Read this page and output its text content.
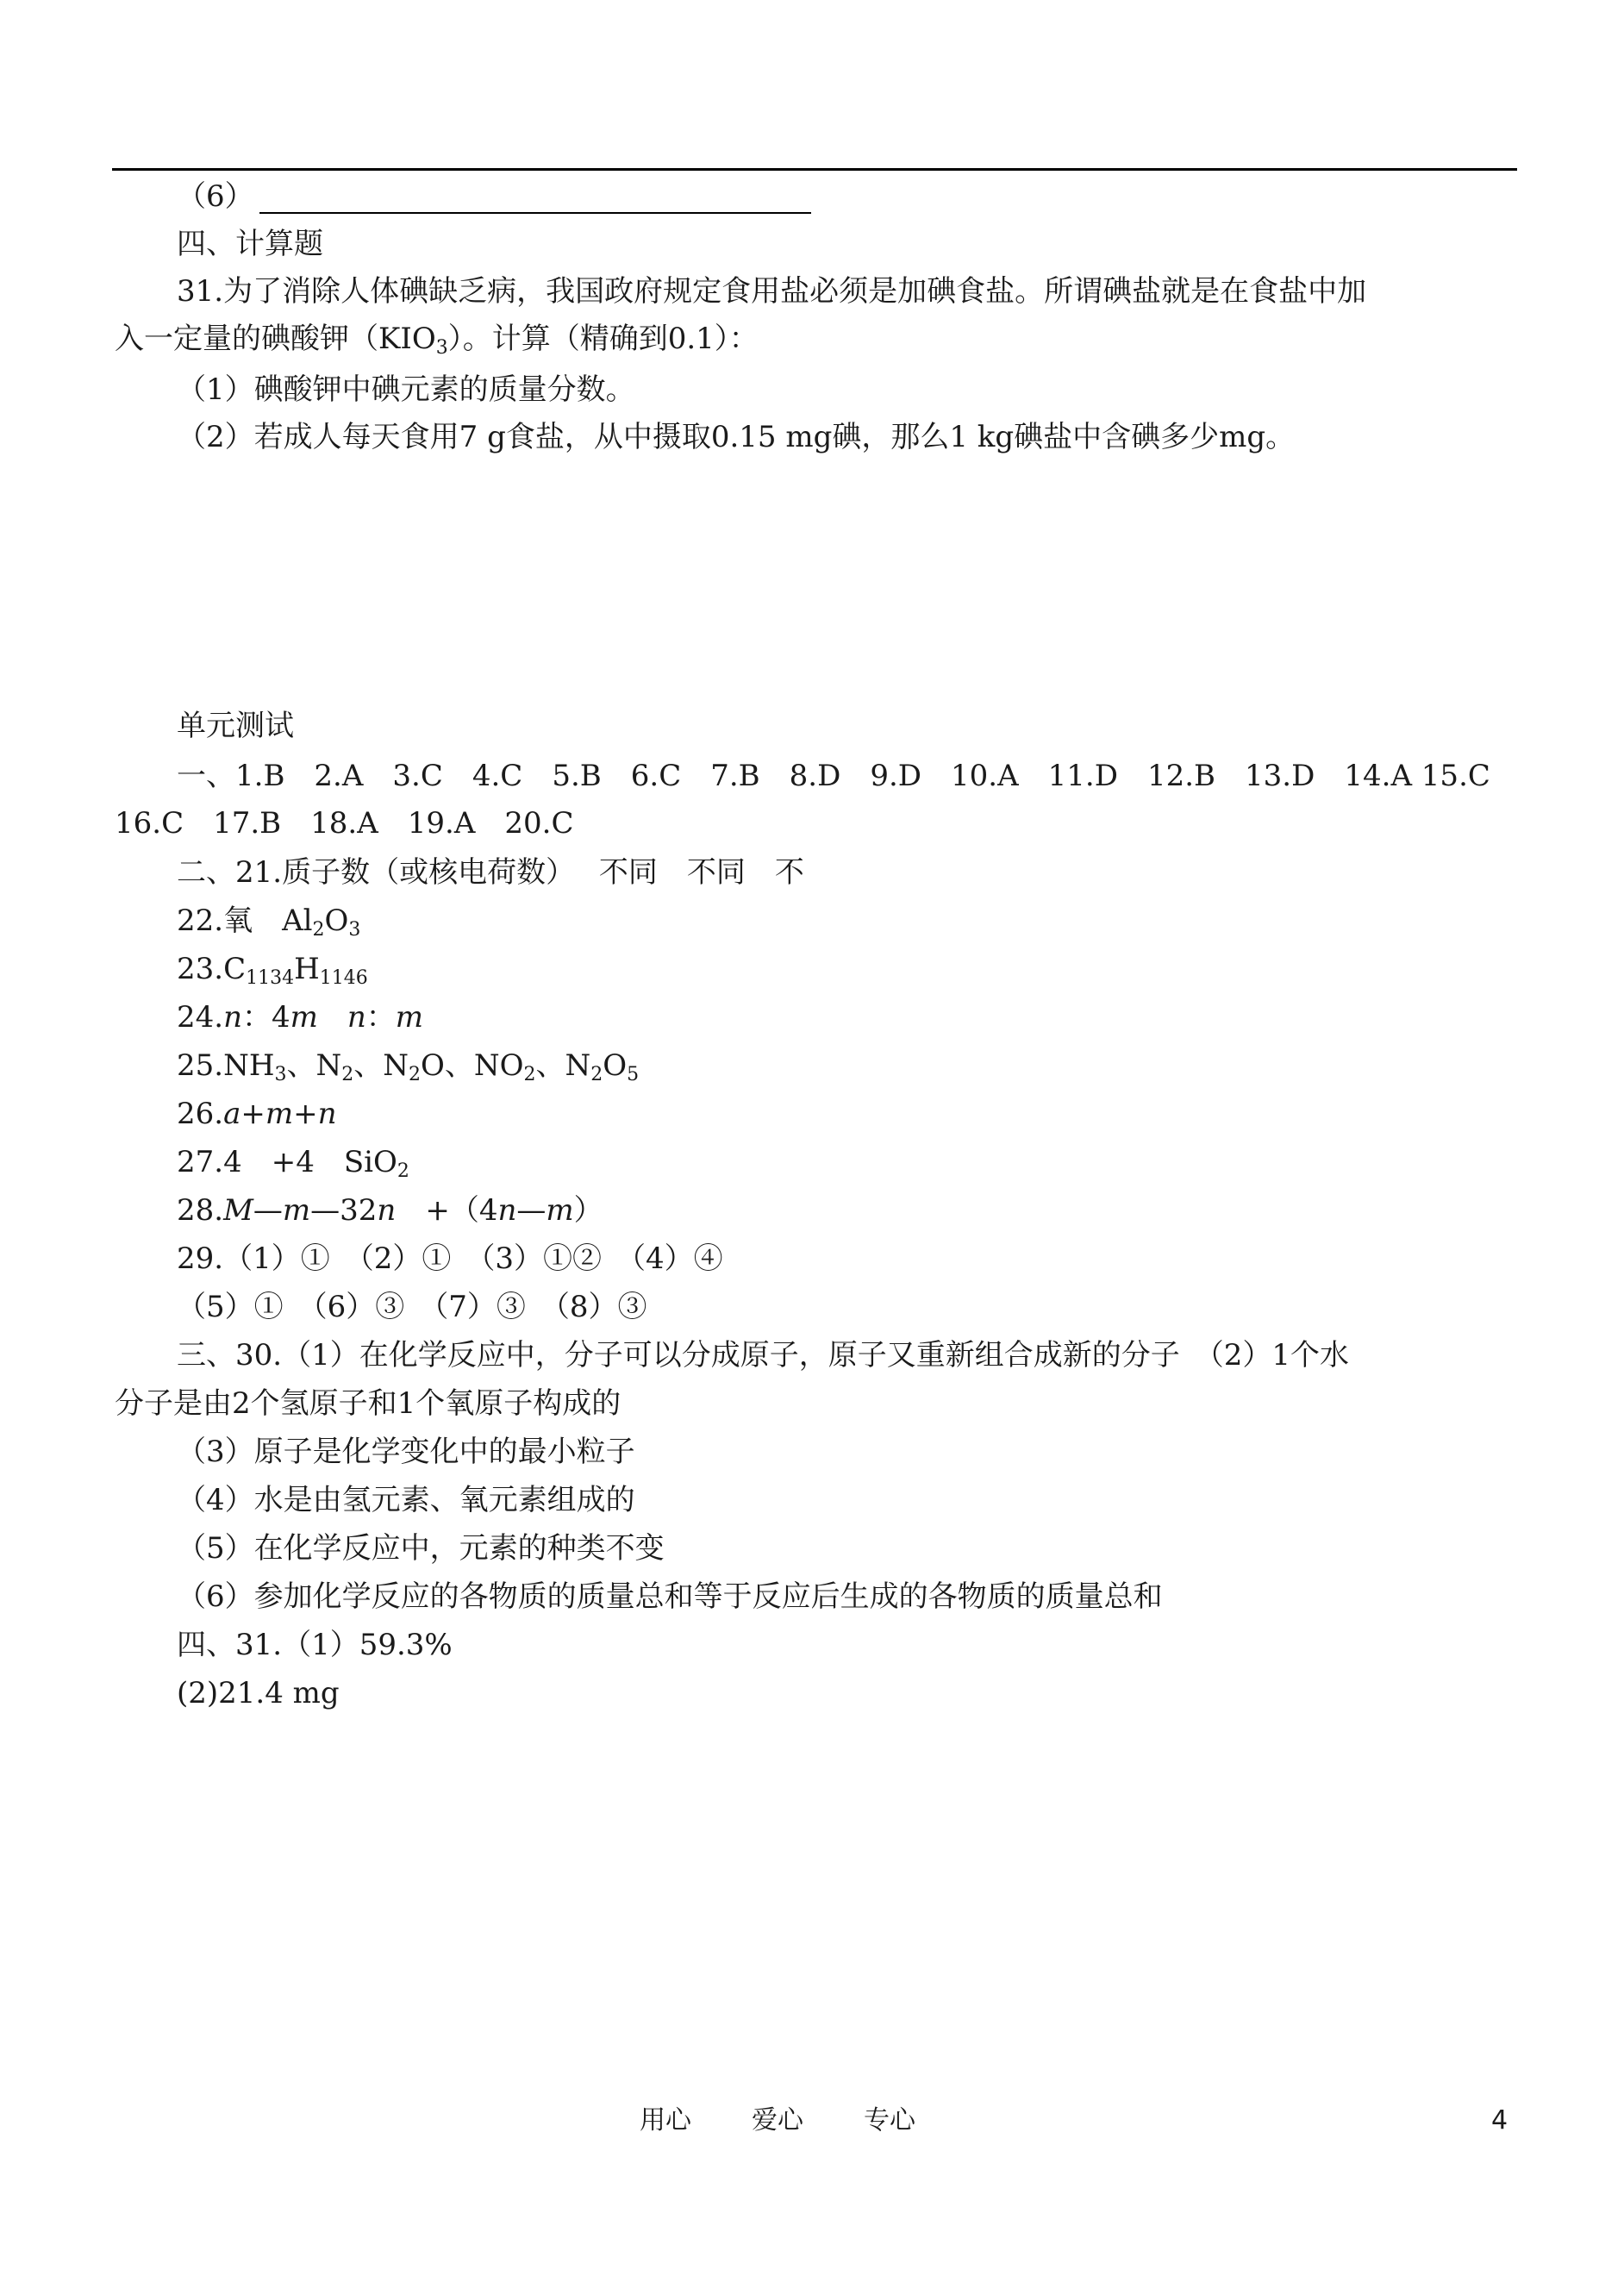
（6）
四、计算题
31.为了消除人体碘缺乏病，我国政府规定食用盐必须是加碘食盐。所谓碘盐就是在食盐中加
入一定量的碘酸钾$(KIO_3)$。计算（精确到0.1）：
（1）碘酸钾中碘元素的质量分数。
（2）若成人每天食用7 g食盐，从中摄取0.15 mg碘，那么1 kg碘盐中含碘多少mg。
单元测试
一、1.B　2.A　3.C　4.C　5.B　6.C　7.B　8.D　9.D　10.A　11.D　12.B　13.D　14.A 15.C
16.C　17.B　18.A　19.A　20.C
二、21.质子数（或核电荷数）　 不同　不同　不
22.氧　$Al_2O_3$
$23.C_{1134}H_{1146}$
24.n：4m　 n：m
$25.NH_3$、$N_2$、$N_2O$、$NO_2$、$N_2O_5$
26.a+m+n
27.4　+4　SiO$_2$
28.M—m—32n　+（4n—m）
29.（1）①　（2）①　（3）①②　（4）④
（5）①　（6）③　（7）③　（8）③
三、30.（1）在化学反应中，分子可以分成原子，原子又重新组合成新的分子　（2）1个水
分子是由2个氢原子和1个氧原子构成的
（3）原子是化学变化中的最小粒子
（4）水是由氢元素、氧元素组成的
（5）在化学反应中，元素的种类不变
（6）参加化学反应的各物质的质量总和等于反应后生成的各物质的质量总和
四、31.（1）59.3%
(2)21.4 mg
用心 爱心 专心	4
